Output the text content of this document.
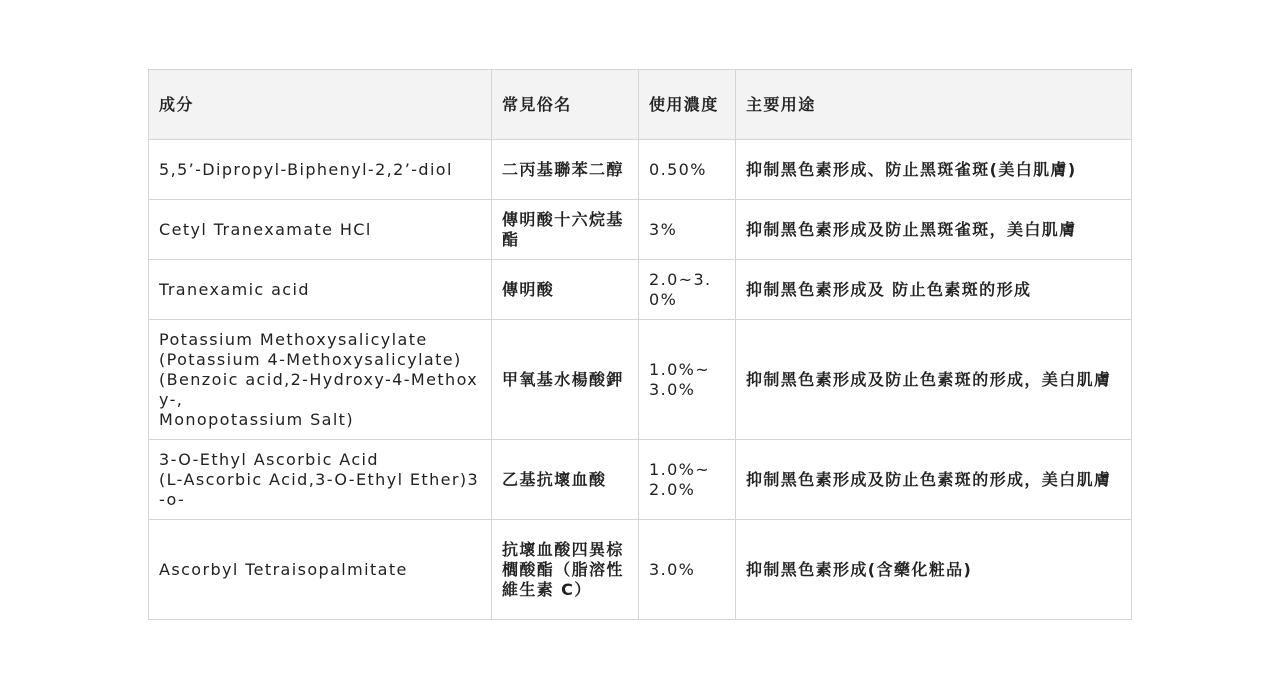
成分	常見俗名	使用濃度	主要用途
5,5’-Dipropyl-Biphenyl-2,2’-diol	二丙基聯苯二醇	0.50%	抑制黑色素形成、防止黑斑雀斑(美白肌膚)
Cetyl Tranexamate HCl	傳明酸十六烷基酯	3%	抑制黑色素形成及防止黑斑雀斑，美白肌膚
Tranexamic acid	傳明酸	2.0~3.0%	抑制黑色素形成及 防止色素斑的形成
Potassium Methoxysalicylate
(Potassium 4-Methoxysalicylate)
(Benzoic acid,2-Hydroxy-4-Methoxy-,
Monopotassium Salt)	甲氧基水楊酸鉀	1.0%~3.0%	抑制黑色素形成及防止色素斑的形成，美白肌膚
3-O-Ethyl Ascorbic Acid
(L-Ascorbic Acid,3-O-Ethyl Ether)3-o-	乙基抗壞血酸	1.0%~2.0%	抑制黑色素形成及防止色素斑的形成，美白肌膚
Ascorbyl Tetraisopalmitate	抗壞血酸四異棕櫚酸酯（脂溶性維生素 C）	3.0%	抑制黑色素形成(含藥化粧品)
